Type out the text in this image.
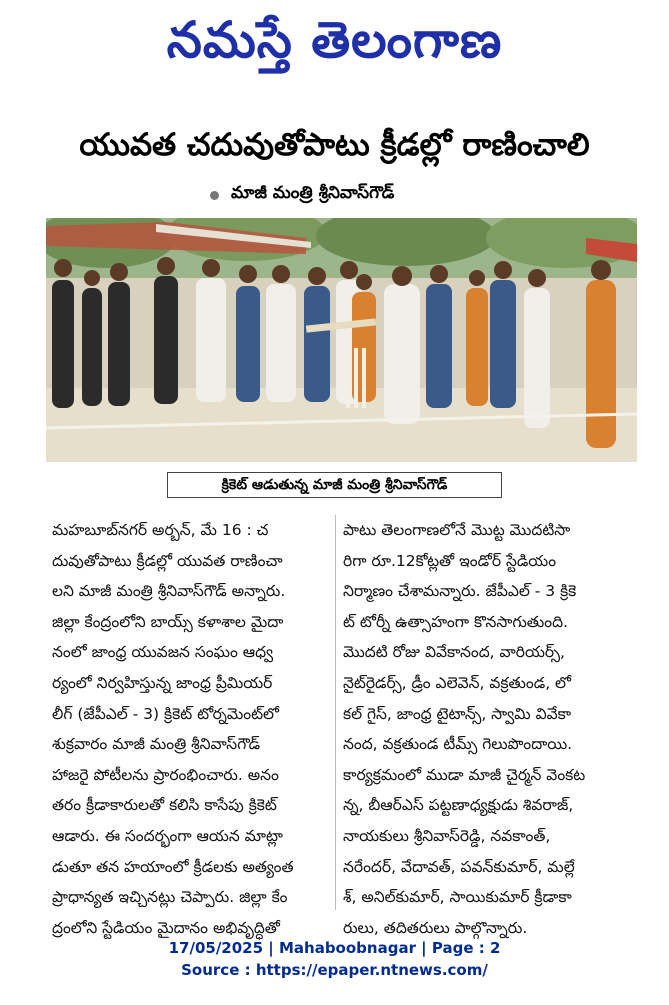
నమస్తే తెలంగాణ
యువత చదువుతోపాటు క్రీడల్లో రాణించాలి
మాజీ మంత్రి శ్రీనివాస్‌గౌడ్
క్రికెట్ ఆడుతున్న మాజీ మంత్రి శ్రీనివాస్‌గౌడ్
మహబూబ్‌నగర్ అర్బన్, మే 16 : చ
దువుతోపాటు క్రీడల్లో యువత రాణించా
లని మాజీ మంత్రి శ్రీనివాస్‌గౌడ్ అన్నారు.
జిల్లా కేంద్రంలోని బాయ్స్ కళాశాల మైదా
నంలో జాంధ్ర యువజన సంఘం ఆధ్వ
ర్యంలో నిర్వహిస్తున్న జాంధ్ర ప్రీమియర్
లీగ్ (జేపీఎల్ - 3) క్రికెట్ టోర్నమెంట్‌లో
శుక్రవారం మాజీ మంత్రి శ్రీనివాస్‌గౌడ్
హాజరై పోటీలను ప్రారంభించారు. అనం
తరం క్రీడాకారులతో కలిసి కాసేపు క్రికెట్
ఆడారు. ఈ సందర్భంగా ఆయన మాట్లా
డుతూ తన హయాంలో క్రీడలకు అత్యంత
ప్రాధాన్యత ఇచ్చినట్లు చెప్పారు. జిల్లా కేం
ద్రంలోని స్టేడియం మైదానం అభివృద్ధితో
పాటు తెలంగాణలోనే మొట్ట మొదటిసా
రిగా రూ.12కోట్లతో ఇండోర్ స్టేడియం
నిర్మాణం చేశామన్నారు. జేపీఎల్ - 3 క్రికె
ట్ టోర్నీ ఉత్సాహంగా కొనసాగుతుంది.
మొదటి రోజు వివేకానంద, వారియర్స్,
నైట్‌రైడర్స్, డ్రీం ఎలెవెన్, వక్రతుండ, లో
కల్ గైస్, జాంధ్ర టైటాన్స్, స్వామి వివేకా
నంద, వక్రతుండ టీమ్స్ గెలుపొందాయి.
కార్యక్రమంలో ముడా మాజీ చైర్మన్ వెంకట
న్న, బీఆర్‌ఎస్ పట్టణాధ్యక్షుడు శివరాజ్,
నాయకులు శ్రీనివాస్‌రెడ్డి, నవకాంత్,
నరేందర్, వేదావత్, పవన్‌కుమార్, మల్లే
శ్, అనిల్‌కుమార్, సాయికుమార్ క్రీడాకా
రులు, తదితరులు పాల్గొన్నారు.
17/05/2025 | Mahaboobnagar | Page : 2
Source : https://epaper.ntnews.com/
